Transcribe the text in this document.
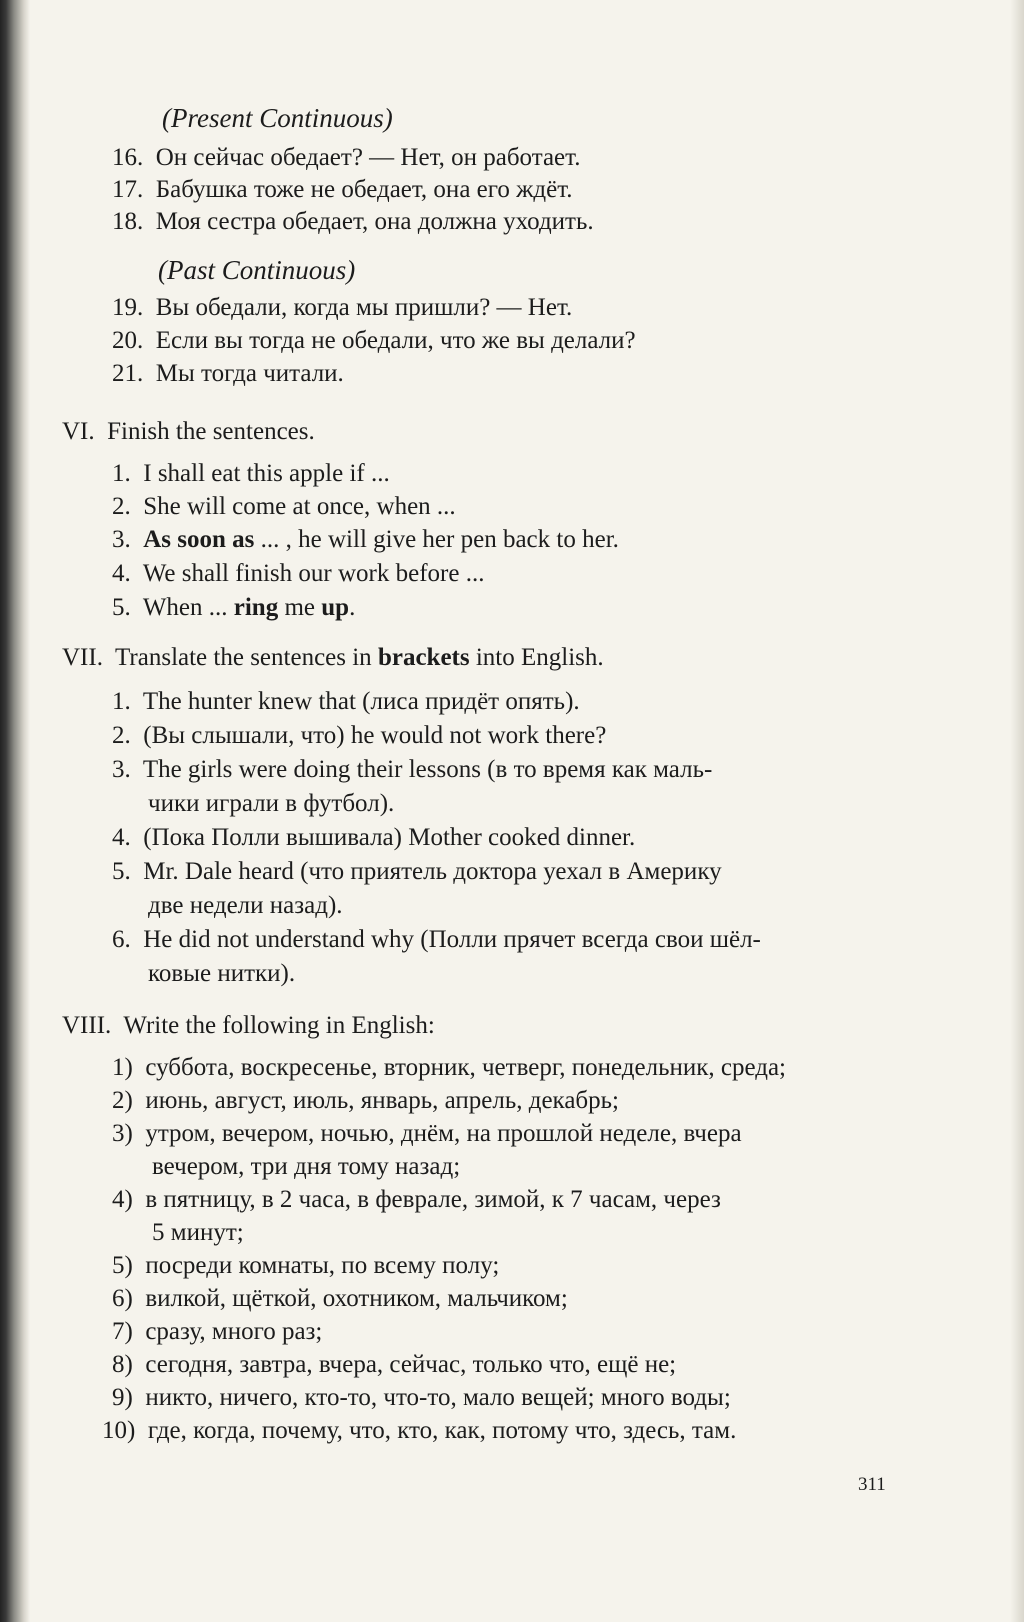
(Present Continuous)
16.  Он сейчас обедает? — Нет, он работает.
17.  Бабушка тоже не обедает, она его ждёт.
18.  Моя сестра обедает, она должна уходить.
(Past Continuous)
19.  Вы обедали, когда мы пришли? — Нет.
20.  Если вы тогда не обедали, что же вы делали?
21.  Мы тогда читали.
VI.  Finish the sentences.
1.  I shall eat this apple if ...
2.  She will come at once, when ...
3.  As soon as ... , he will give her pen back to her.
4.  We shall finish our work before ...
5.  When ... ring me up.
VII.  Translate the sentences in brackets into English.
1.  The hunter knew that (лиса придёт опять).
2.  (Вы слышали, что) he would not work there?
3.  The girls were doing their lessons (в то время как маль-
чики играли в футбол).
4.  (Пока Полли вышивала) Mother cooked dinner.
5.  Mr. Dale heard (что приятель доктора уехал в Америку
две недели назад).
6.  He did not understand why (Полли прячет всегда свои шёл-
ковые нитки).
VIII.  Write the following in English:
1)  суббота, воскресенье, вторник, четверг, понедельник, среда;
2)  июнь, август, июль, январь, апрель, декабрь;
3)  утром, вечером, ночью, днём, на прошлой неделе, вчера
вечером, три дня тому назад;
4)  в пятницу, в 2 часа, в феврале, зимой, к 7 часам, через
5 минут;
5)  посреди комнаты, по всему полу;
6)  вилкой, щёткой, охотником, мальчиком;
7)  сразу, много раз;
8)  сегодня, завтра, вчера, сейчас, только что, ещё не;
9)  никто, ничего, кто-то, что-то, мало вещей; много воды;
10)  где, когда, почему, что, кто, как, потому что, здесь, там.
311
